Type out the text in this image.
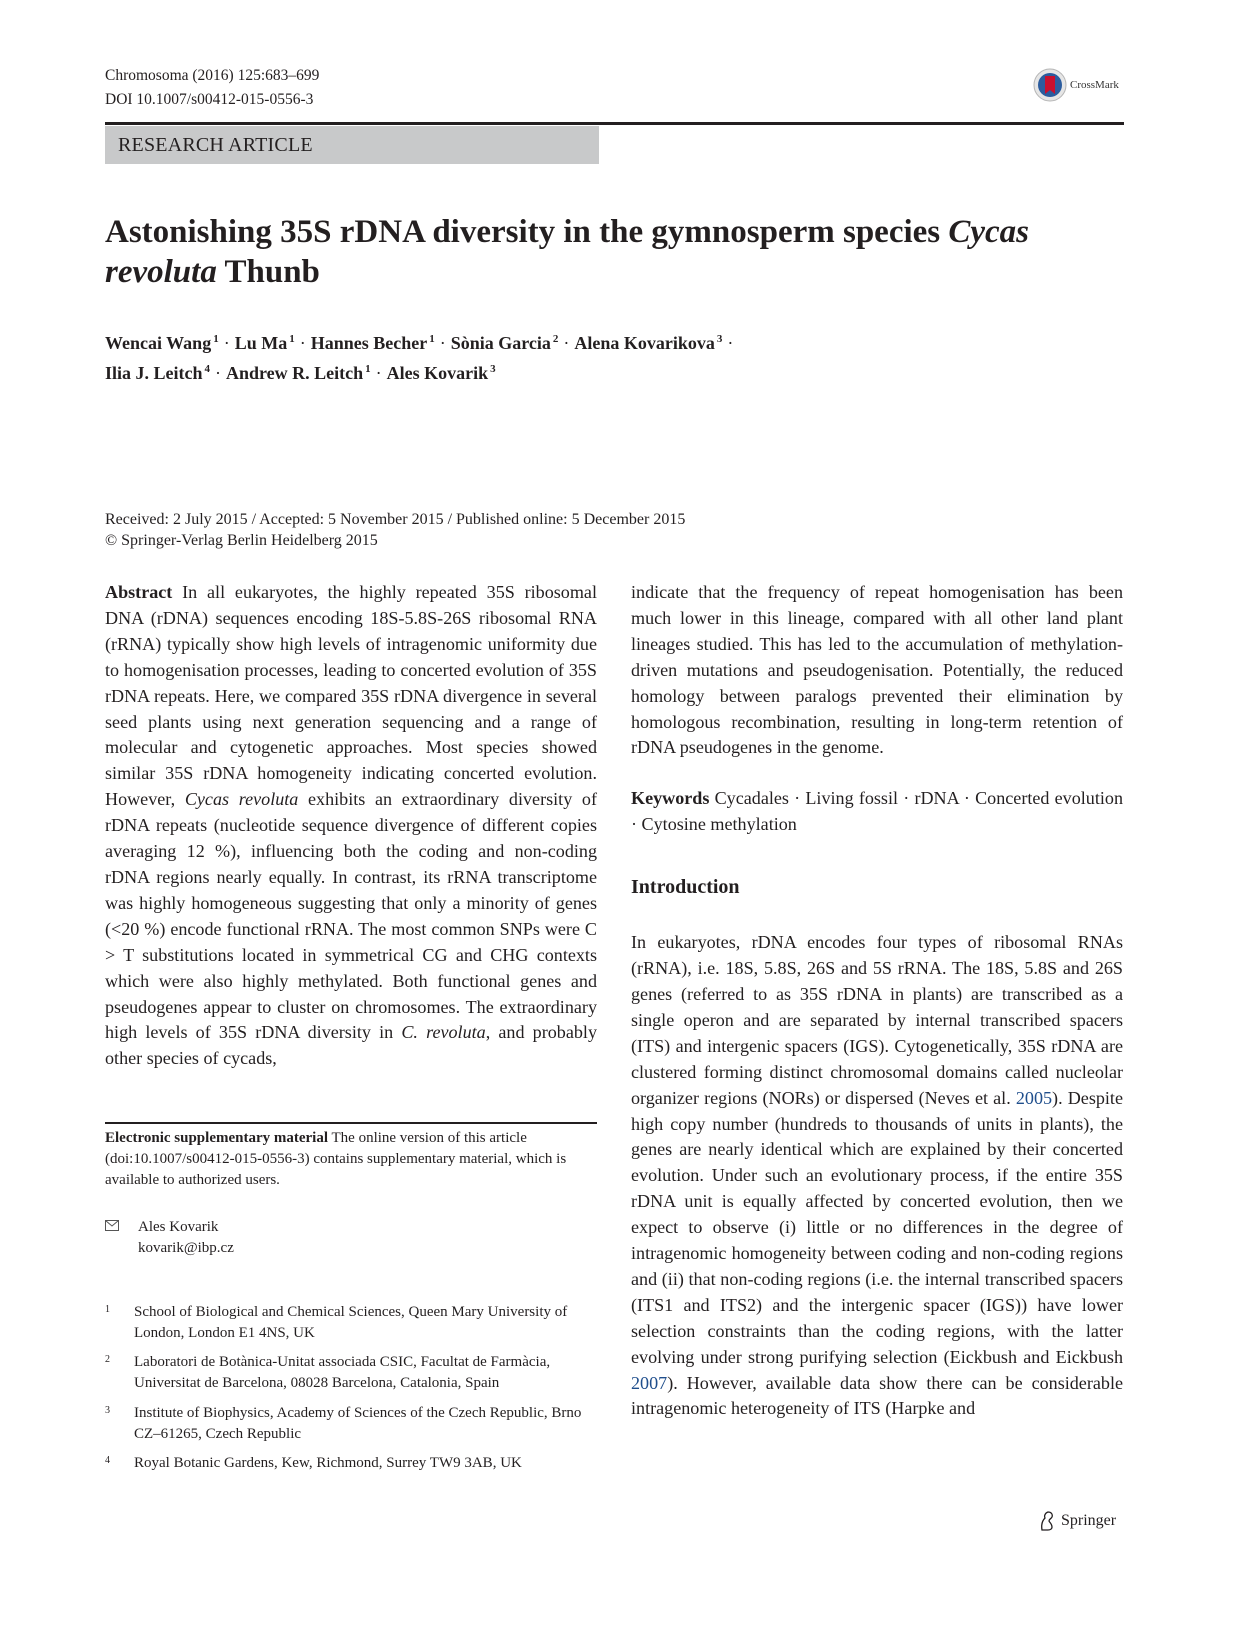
Chromosoma (2016) 125:683–699
DOI 10.1007/s00412-015-0556-3
CrossMark
RESEARCH ARTICLE
Astonishing 35S rDNA diversity in the gymnosperm species Cycas revoluta Thunb
Wencai Wang $^1$ · Lu Ma $^1$ · Hannes Becher $^1$ · Sònia Garcia $^2$ · Alena Kovarikova $^3$ ·
Ilia J. Leitch $^4$ · Andrew R. Leitch $^1$ · Ales Kovarik $^3$
Received: 2 July 2015 / Accepted: 5 November 2015 / Published online: 5 December 2015
© Springer-Verlag Berlin Heidelberg 2015

Abstract In all eukaryotes, the highly repeated 35S ribosomal DNA (rDNA) sequences encoding 18S-5.8S-26S ribosomal RNA (rRNA) typically show high levels of intragenomic uniformity due to homogenisation processes, leading to concerted evolution of 35S rDNA repeats. Here, we compared 35S rDNA divergence in several seed plants using next generation sequencing and a range of molecular and cytogenetic approaches. Most species showed similar 35S rDNA homogeneity indicating concerted evolution. However, Cycas revoluta exhibits an extraordinary diversity of rDNA repeats (nucleotide sequence divergence of different copies averaging 12 %), influencing both the coding and non-coding rDNA regions nearly equally. In contrast, its rRNA transcriptome was highly homogeneous suggesting that only a minority of genes (<20 %) encode functional rRNA. The most common SNPs were C > T substitutions located in symmetrical CG and CHG contexts which were also highly methylated. Both functional genes and pseudogenes appear to cluster on chromosomes. The extraordinary high levels of 35S rDNA diversity in C. revoluta, and probably other species of cycads,

indicate that the frequency of repeat homogenisation has been much lower in this lineage, compared with all other land plant lineages studied. This has led to the accumulation of methylation-driven mutations and pseudogenisation. Potentially, the reduced homology between paralogs prevented their elimination by homologous recombination, resulting in long-term retention of rDNA pseudogenes in the genome.

Keywords Cycadales · Living fossil · rDNA · Concerted evolution · Cytosine methylation

Introduction

In eukaryotes, rDNA encodes four types of ribosomal RNAs (rRNA), i.e. 18S, 5.8S, 26S and 5S rRNA. The 18S, 5.8S and 26S genes (referred to as 35S rDNA in plants) are transcribed as a single operon and are separated by internal transcribed spacers (ITS) and intergenic spacers (IGS). Cytogenetically, 35S rDNA are clustered forming distinct chromosomal domains called nucleolar organizer regions (NORs) or dispersed (Neves et al. 2005). Despite high copy number (hundreds to thousands of units in plants), the genes are nearly identical which are explained by their concerted evolution. Under such an evolutionary process, if the entire 35S rDNA unit is equally affected by concerted evolution, then we expect to observe (i) little or no differences in the degree of intragenomic homogeneity between coding and non-coding regions and (ii) that non-coding regions (i.e. the internal transcribed spacers (ITS1 and ITS2) and the intergenic spacer (IGS)) have lower selection constraints than the coding regions, with the latter evolving under strong purifying selection (Eickbush and Eickbush 2007). However, available data show there can be considerable intragenomic heterogeneity of ITS (Harpke and

Electronic supplementary material The online version of this article (doi:10.1007/s00412-015-0556-3) contains supplementary material, which is available to authorized users.
Ales Kovarik
kovarik@ibp.cz
1 School of Biological and Chemical Sciences, Queen Mary University of London, London E1 4NS, UK
2 Laboratori de Botànica-Unitat associada CSIC, Facultat de Farmàcia, Universitat de Barcelona, 08028 Barcelona, Catalonia, Spain
3 Institute of Biophysics, Academy of Sciences of the Czech Republic, Brno CZ–61265, Czech Republic
4 Royal Botanic Gardens, Kew, Richmond, Surrey TW9 3AB, UK
Springer
